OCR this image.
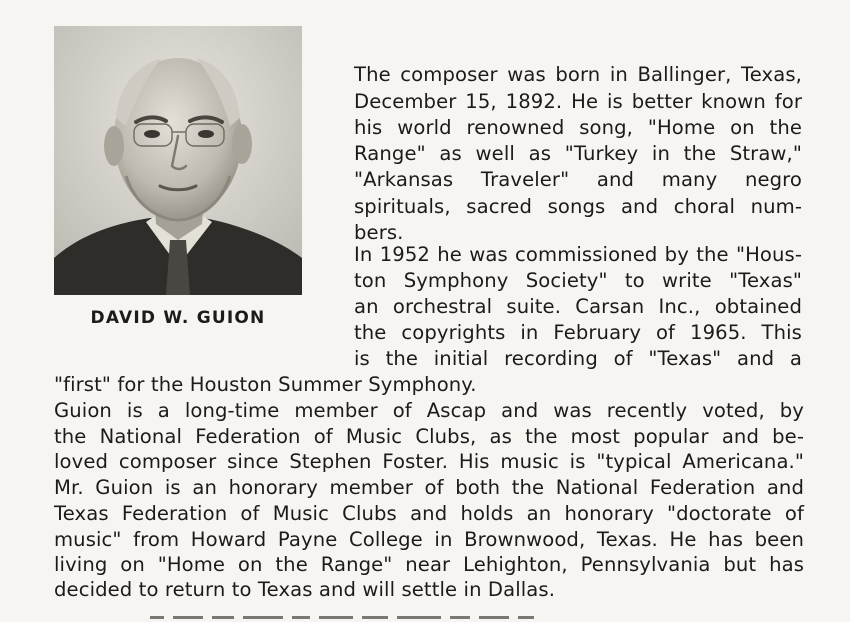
DAVID W. GUION
The composer was born in Ballinger, Texas,
December 15, 1892. He is better known for
his world renowned song, "Home on the
Range" as well as "Turkey in the Straw,"
"Arkansas Traveler" and many negro
spirituals, sacred songs and choral num-
bers.
In 1952 he was commissioned by the "Hous-
ton Symphony Society" to write "Texas"
an orchestral suite. Carsan Inc., obtained
the copyrights in February of 1965. This
is the initial recording of "Texas" and a
"first" for the Houston Summer Symphony.
Guion is a long-time member of Ascap and was recently voted, by
the National Federation of Music Clubs, as the most popular and be-
loved composer since Stephen Foster. His music is "typical Americana."
Mr. Guion is an honorary member of both the National Federation and
Texas Federation of Music Clubs and holds an honorary "doctorate of
music" from Howard Payne College in Brownwood, Texas. He has been
living on "Home on the Range" near Lehighton, Pennsylvania but has
decided to return to Texas and will settle in Dallas.
